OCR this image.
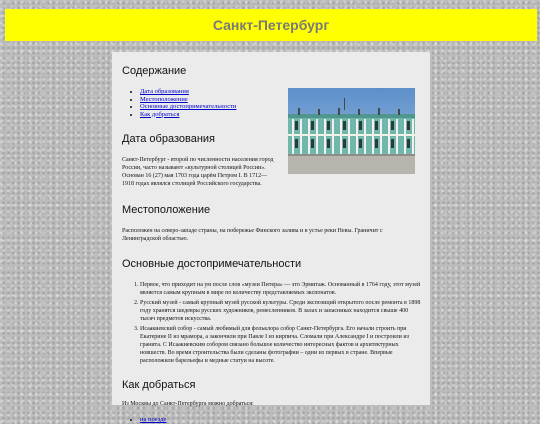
Санкт-Петербург
Содержание
• Дата образования
• Местоположение
• Основные достопримечательности
• Как добраться
Дата образования

Санкт-Петербург - второй по численности населения город России, часто называют «культурной столицей России». Основан 16 (27) мая 1703 года царём Петром I. В 1712—1918 годах являлся столицей Российского государства.

Местоположение

Расположен на северо-западе страны, на побережье Финского залива и в устье реки Невы. Граничит с Ленинградской областью.

Основные достопримечательности
1. Первое, что приходит на ум после слов «музеи Питера» — это Эрмитаж. Основанный в 1764 году, этот музей является самым крупным в мире по количеству представляемых экспонатов.
2. Русский музей - самый крупный музей русской культуры. Среди экспозиций открытого после ремонта в 1898 году хранятся шедевры русских художников, ремесленников. В залах и запасниках находится свыше 400 тысяч предметов искусства.
3. Исаакиевский собор - самый любимый для фольклора собор Санкт-Петербурга. Его начали строить при Екатерине II из мрамора, а закончили при Павле I из кирпича. Сломали при Александре I и построили из гранита. С Исаакиевским собором связано большое количество интересных фактов и архитектурных новшеств. Во время строительства были сделаны фотографии – одни из первых в стране. Впервые расположили барельефы и медные статуи на высоте.
Как добраться

Из Москвы до Санкт-Петербурга можно добраться:

• на поезде
